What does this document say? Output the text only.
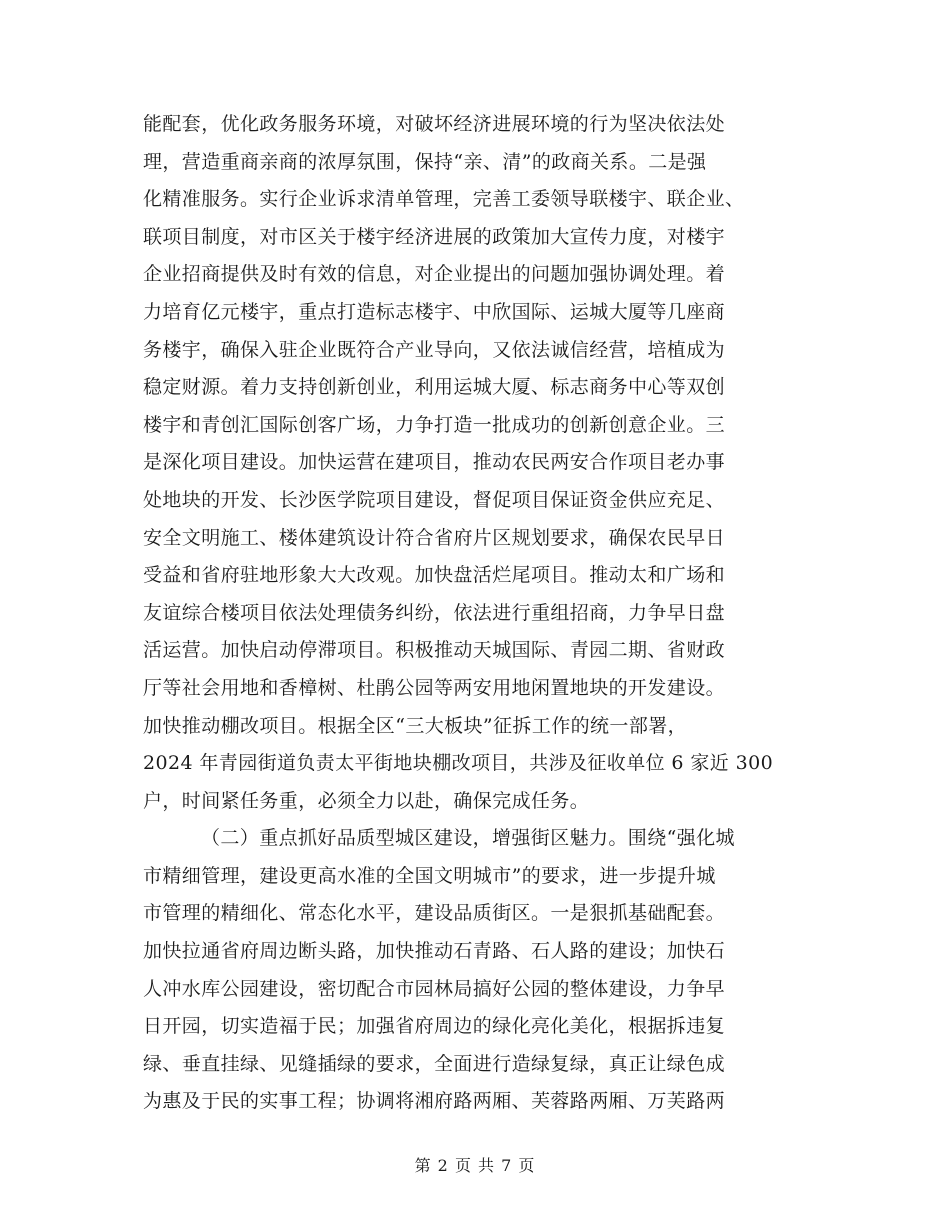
能配套，优化政务服务环境，对破坏经济进展环境的行为坚决依法处
理，营造重商亲商的浓厚氛围，保持“亲、清”的政商关系。二是强
化精准服务。实行企业诉求清单管理，完善工委领导联楼宇、联企业、
联项目制度，对市区关于楼宇经济进展的政策加大宣传力度，对楼宇
企业招商提供及时有效的信息，对企业提出的问题加强协调处理。着
力培育亿元楼宇，重点打造标志楼宇、中欣国际、运城大厦等几座商
务楼宇，确保入驻企业既符合产业导向，又依法诚信经营，培植成为
稳定财源。着力支持创新创业，利用运城大厦、标志商务中心等双创
楼宇和青创汇国际创客广场，力争打造一批成功的创新创意企业。三
是深化项目建设。加快运营在建项目，推动农民两安合作项目老办事
处地块的开发、长沙医学院项目建设，督促项目保证资金供应充足、
安全文明施工、楼体建筑设计符合省府片区规划要求，确保农民早日
受益和省府驻地形象大大改观。加快盘活烂尾项目。推动太和广场和
友谊综合楼项目依法处理债务纠纷，依法进行重组招商，力争早日盘
活运营。加快启动停滞项目。积极推动天城国际、青园二期、省财政
厅等社会用地和香樟树、杜鹃公园等两安用地闲置地块的开发建设。
加快推动棚改项目。根据全区“三大板块”征拆工作的统一部署，
2024 年青园街道负责太平街地块棚改项目，共涉及征收单位 6 家近 300
户，时间紧任务重，必须全力以赴，确保完成任务。
（二）重点抓好品质型城区建设，增强街区魅力。围绕“强化城
市精细管理，建设更高水准的全国文明城市”的要求，进一步提升城
市管理的精细化、常态化水平，建设品质街区。一是狠抓基础配套。
加快拉通省府周边断头路，加快推动石青路、石人路的建设；加快石
人冲水库公园建设，密切配合市园林局搞好公园的整体建设，力争早
日开园，切实造福于民；加强省府周边的绿化亮化美化，根据拆违复
绿、垂直挂绿、见缝插绿的要求，全面进行造绿复绿，真正让绿色成
为惠及于民的实事工程；协调将湘府路两厢、芙蓉路两厢、万芙路两
第 2 页 共 7 页
